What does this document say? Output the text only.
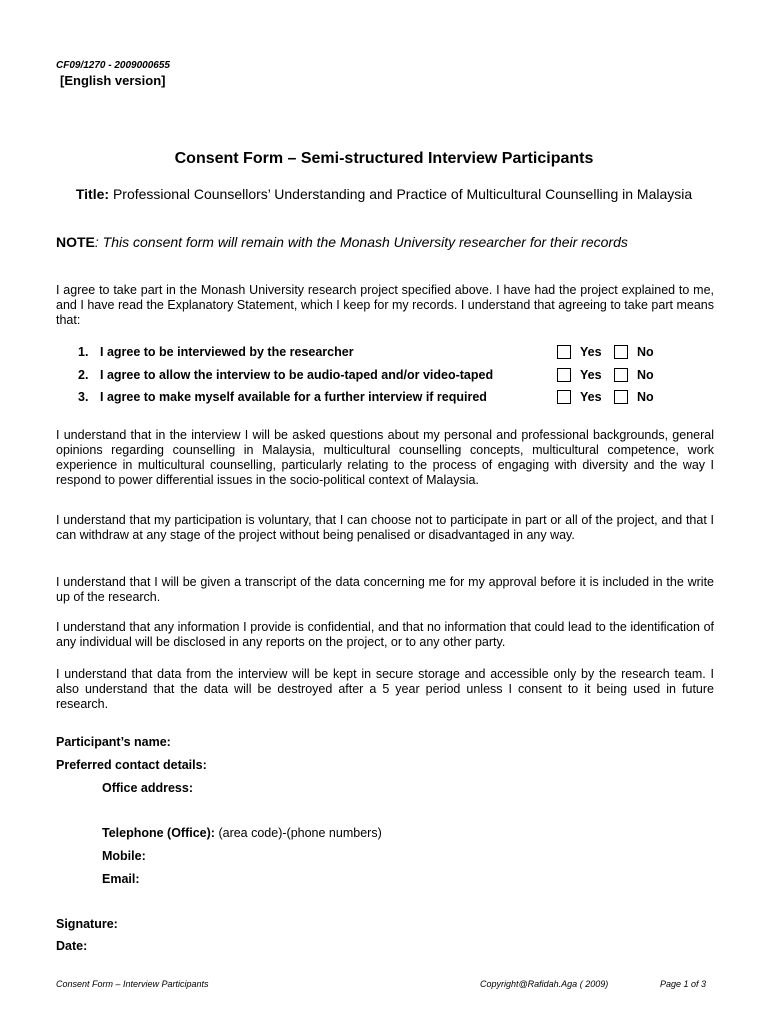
CF09/1270 - 2009000655
[English version]
Consent Form – Semi-structured Interview Participants
Title: Professional Counsellors’ Understanding and Practice of Multicultural Counselling in Malaysia
NOTE: This consent form will remain with the Monash University researcher for their records
I agree to take part in the Monash University research project specified above. I have had the project explained to me, and I have read the Explanatory Statement, which I keep for my records. I understand that agreeing to take part means that:
1. I agree to be interviewed by the researcher	Yes	No
2. I agree to allow the interview to be audio-taped and/or video-taped	Yes	No
3. I agree to make myself available for a further interview if required	Yes	No
I understand that in the interview I will be asked questions about my personal and professional backgrounds, general opinions regarding counselling in Malaysia, multicultural counselling concepts, multicultural competence, work experience in multicultural counselling, particularly relating to the process of engaging with diversity and the way I respond to power differential issues in the socio-political context of Malaysia.
I understand that my participation is voluntary, that I can choose not to participate in part or all of the project, and that I can withdraw at any stage of the project without being penalised or disadvantaged in any way.
I understand that I will be given a transcript of the data concerning me for my approval before it is included in the write up of the research.
I understand that any information I provide is confidential, and that no information that could lead to the identification of any individual will be disclosed in any reports on the project, or to any other party.
I understand that data from the interview will be kept in secure storage and accessible only by the research team. I also understand that the data will be destroyed after a 5 year period unless I consent to it being used in future research.
Participant’s name:
Preferred contact details:
Office address:
Telephone (Office): (area code)-(phone numbers)
Mobile:
Email:
Signature:
Date:
Consent Form – Interview Participants	Copyright@Rafidah.Aga ( 2009)	Page 1 of 3
